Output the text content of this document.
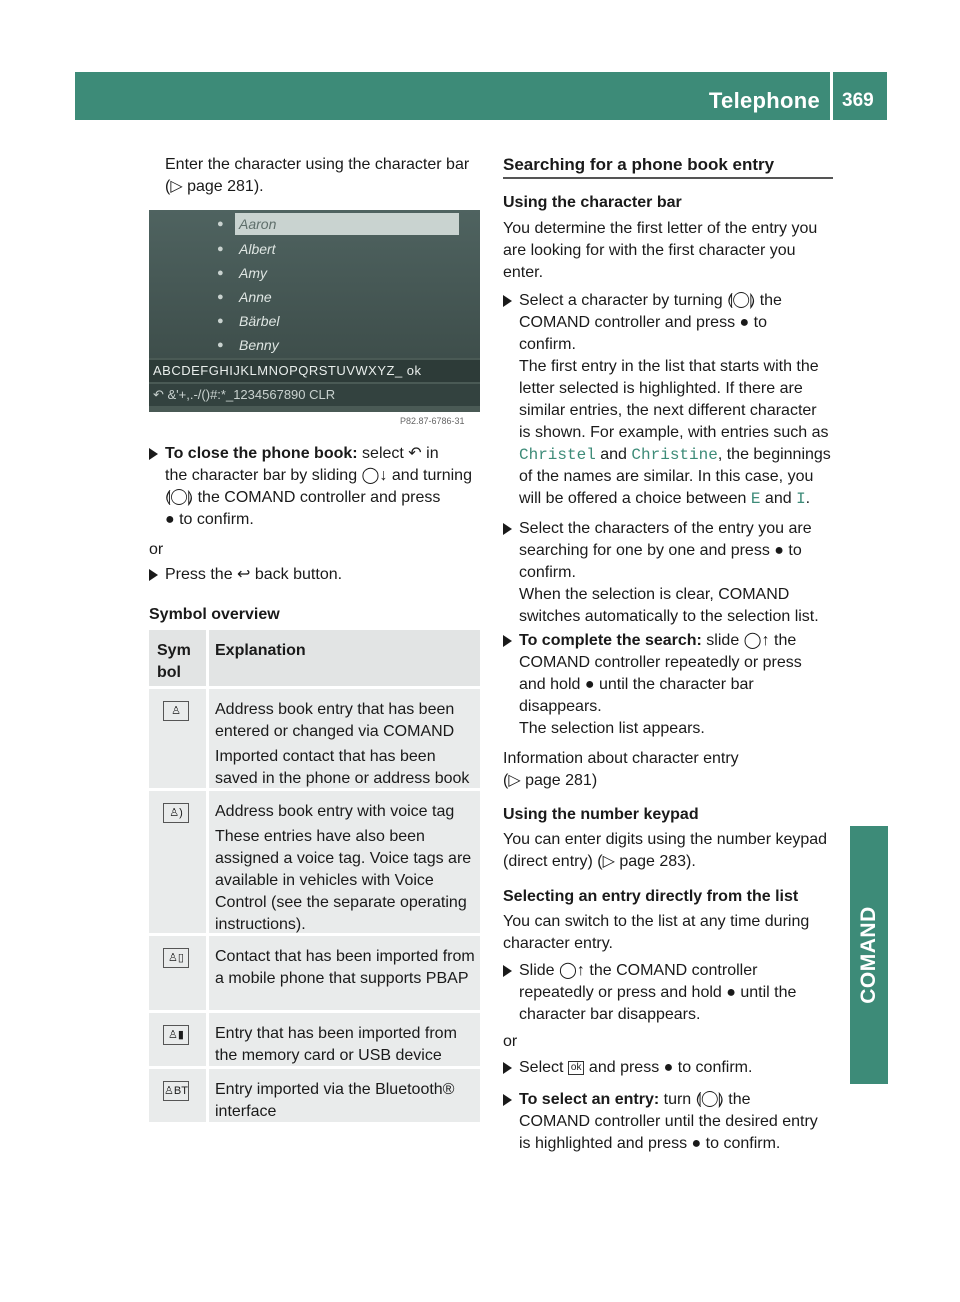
Telephone 369
COMAND
Enter the character using the character bar
(▷ page 281).
●	Aaron
●	Albert
●	Amy
●	Anne
●	Bärbel
●	Benny
ABCDEFGHIJKLMNOPQRSTUVWXYZ_ ok
↶ &'+,.-/()#:*_1234567890 CLR
P82.87-6786-31
To close the phone book: select ↶ in
the character bar by sliding ◯↓ and turning
⟬◯⟭ the COMAND controller and press
● to confirm.
or
Press the ↩ back button.
Symbol overview
Sym bol
Explanation
♙	Address book entry that has been entered or changed via COMAND

Imported contact that has been saved in the phone or address book

♙)	Address book entry with voice tag

These entries have also been assigned a voice tag. Voice tags are available in vehicles with Voice Control (see the separate operating instructions).

♙▯	Contact that has been imported from a mobile phone that supports PBAP

♙▮	Entry that has been imported from the memory card or USB device

♙BT Entry imported via the Bluetooth® interface

Searching for a phone book entry
Using the character bar
You determine the first letter of the entry you
are looking for with the first character you
enter.
Select a character by turning ⟬◯⟭ the
COMAND controller and press ● to
confirm.
The first entry in the list that starts with the
letter selected is highlighted. If there are
similar entries, the next different character
is shown. For example, with entries such as
Christel and Christine, the beginnings
of the names are similar. In this case, you
will be offered a choice between E and I.
Select the characters of the entry you are
searching for one by one and press ● to
confirm.
When the selection is clear, COMAND
switches automatically to the selection list.
To complete the search: slide ◯↑ the
COMAND controller repeatedly or press
and hold ● until the character bar
disappears.
The selection list appears.
Information about character entry
(▷ page 281)
Using the number keypad
You can enter digits using the number keypad
(direct entry) (▷ page 283).
Selecting an entry directly from the list
You can switch to the list at any time during
character entry.
Slide ◯↑ the COMAND controller
repeatedly or press and hold ● until the
character bar disappears.
or
Select ok and press ● to confirm.
To select an entry: turn ⟬◯⟭ the
COMAND controller until the desired entry
is highlighted and press ● to confirm.
